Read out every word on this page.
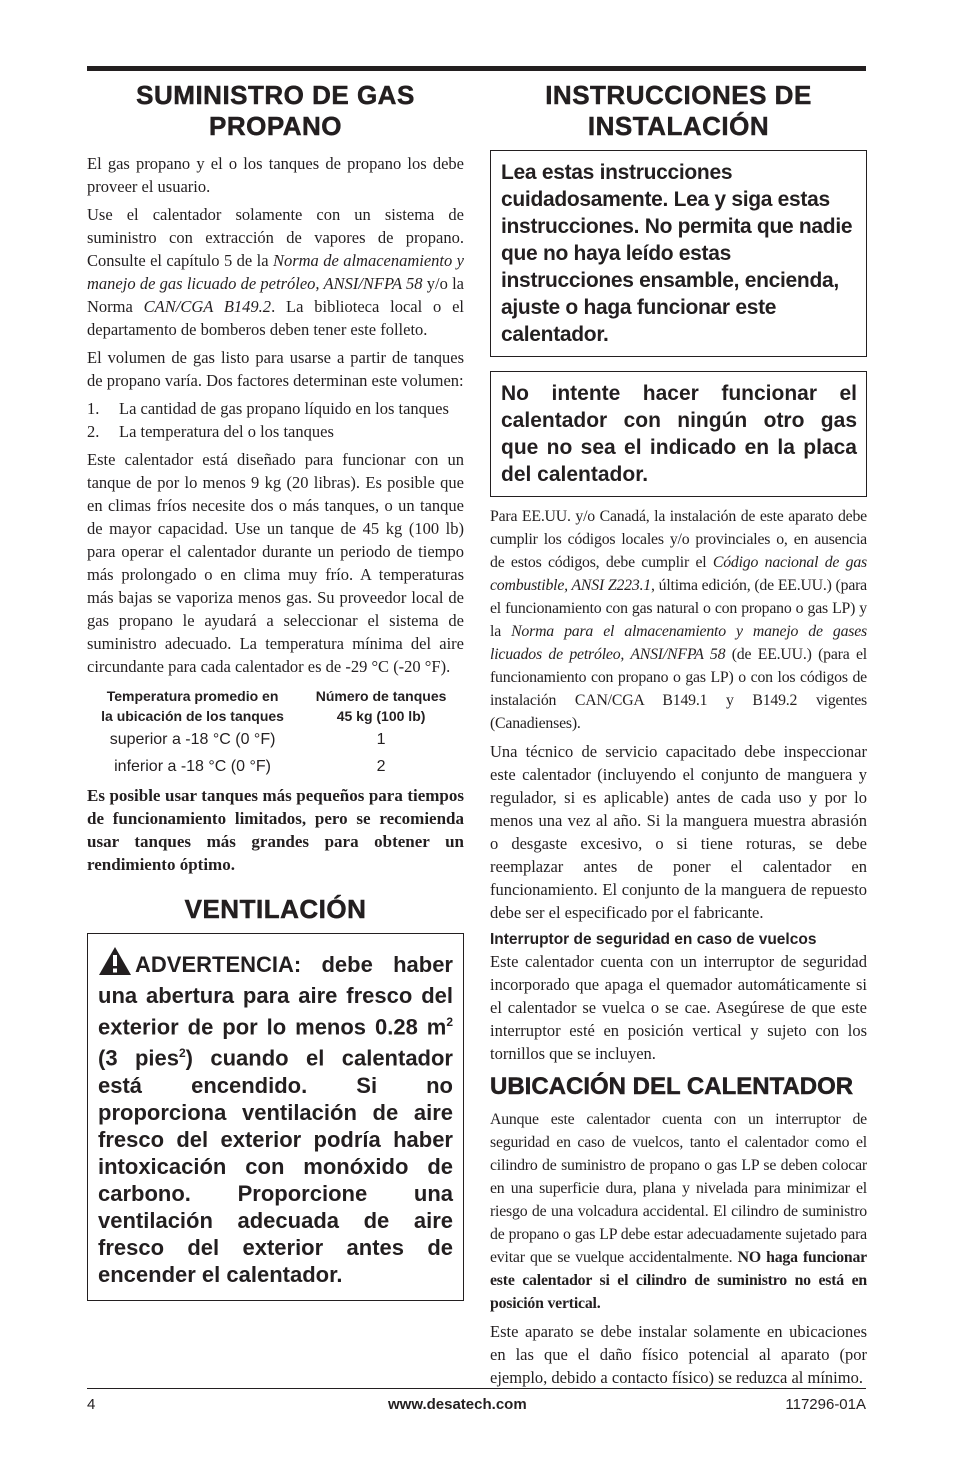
SUMINISTRO DE GAS PROPANO

El gas propano y el o los tanques de propano los debe proveer el usuario.

Use el calentador solamente con un sistema de suministro con extracción de vapores de propano. Consulte el capítulo 5 de la Norma de almacenamiento y manejo de gas licuado de petróleo, ANSI/NFPA 58 y/o la Norma CAN/CGA B149.2. La biblioteca local o el departamento de bomberos deben tener este folleto.

El volumen de gas listo para usarse a partir de tanques de propano varía. Dos factores determinan este volumen:

1.	La cantidad de gas propano líquido en los tanques
2.	La temperatura del o los tanques

Este calentador está diseñado para funcionar con un tanque de por lo menos 9 kg (20 libras). Es posible que en climas fríos necesite dos o más tanques, o un tanque de mayor capacidad. Use un tanque de 45 kg (100 lb) para operar el calentador durante un periodo de tiempo más prolongado o en clima muy frío. A temperaturas más bajas se vaporiza menos gas. Su proveedor local de gas propano le ayudará a seleccionar el sistema de suministro adecuado. La temperatura mínima del aire circundante para cada calentador es de -29 °C (-20 °F).

Temperatura promedio en
la ubicación de los tanques	Número de tanques
45 kg (100 lb)
superior a -18 °C (0 °F)	1
inferior a -18 °C (0 °F)	2

Es posible usar tanques más pequeños para tiempos de funcionamiento limitados, pero se recomienda usar tanques más grandes para obtener un rendimiento óptimo.

VENTILACIÓN
ADVERTENCIA: debe haber una abertura para aire fresco del exterior de por lo menos 0.28 $m^2$ (3 pies$^2$) cuando el calentador está encendido. Si no proporciona ventilación de aire fresco del exterior podría haber intoxicación con monóxido de carbono. Proporcione una ventilación adecuada de aire fresco del exterior antes de encender el calentador.
INSTRUCCIONES DE INSTALACIÓN
Lea estas instrucciones cuidadosamente. Lea y siga estas instrucciones. No permita que nadie que no haya leído estas instrucciones ensamble, encienda, ajuste o haga funcionar este calentador.
No intente hacer funcionar el calentador con ningún otro gas que no sea el indicado en la placa del calentador.

Para EE.UU. y/o Canadá, la instalación de este aparato debe cumplir los códigos locales y/o provinciales o, en ausencia de estos códigos, debe cumplir el Código nacional de gas combustible, ANSI Z223.1, última edición, (de EE.UU.) (para el funcionamiento con gas natural o con propano o gas LP) y la Norma para el almacenamiento y manejo de gases licuados de petróleo, ANSI/NFPA 58 (de EE.UU.) (para el funcionamiento con propano o gas LP) o con los códigos de instalación CAN/CGA B149.1 y B149.2 vigentes (Canadienses).

Una técnico de servicio capacitado debe inspeccionar este calentador (incluyendo el conjunto de manguera y regulador, si es aplicable) antes de cada uso y por lo menos una vez al año. Si la manguera muestra abrasión o desgaste excesivo, o si tiene roturas, se debe reemplazar antes de poner el calentador en funcionamiento. El conjunto de la manguera de repuesto debe ser el especificado por el fabricante.

Interruptor de seguridad en caso de vuelcos

Este calentador cuenta con un interruptor de seguridad incorporado que apaga el quemador automáticamente si el calentador se vuelca o se cae. Asegúrese de que este interruptor esté en posición vertical y sujeto con los tornillos que se incluyen.

UBICACIÓN DEL CALENTADOR

Aunque este calentador cuenta con un interruptor de seguridad en caso de vuelcos, tanto el calentador como el cilindro de suministro de propano o gas LP se deben colocar en una superficie dura, plana y nivelada para minimizar el riesgo de una volcadura accidental. El cilindro de suministro de propano o gas LP debe estar adecuadamente sujetado para evitar que se vuelque accidentalmente. NO haga funcionar este calentador si el cilindro de suministro no está en posición vertical.

Este aparato se debe instalar solamente en ubicaciones en las que el daño físico potencial al aparato (por ejemplo, debido a contacto físico) se reduzca al mínimo.

4	www.desatech.com	117296-01A
